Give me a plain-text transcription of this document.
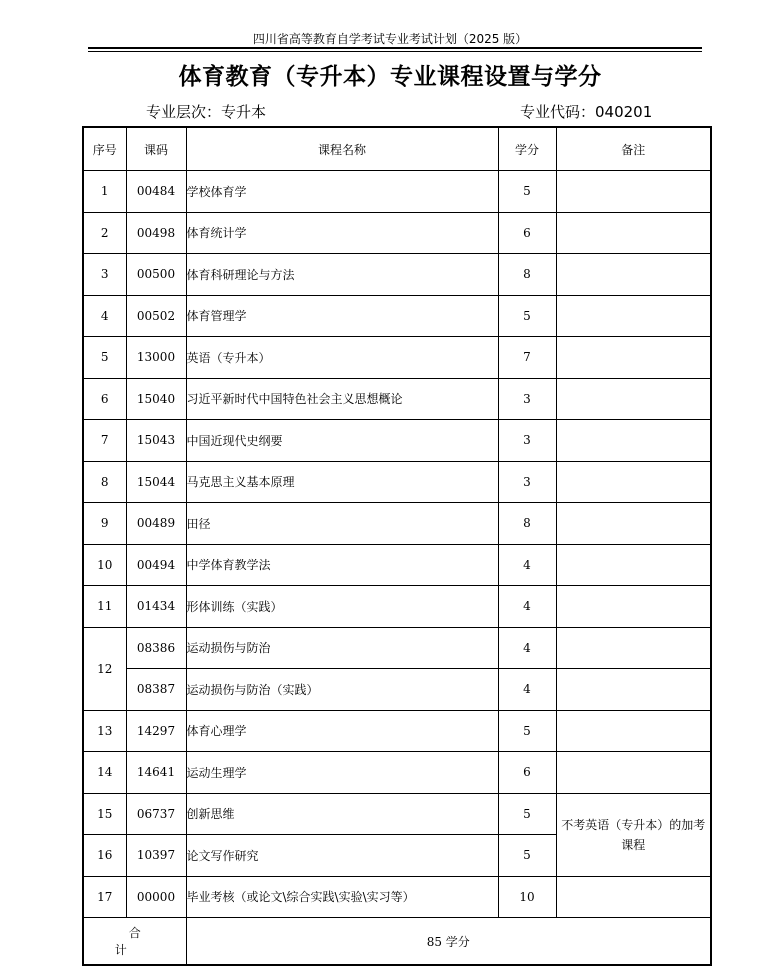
四川省高等教育自学考试专业考试计划（2025 版）
体育教育（专升本）专业课程设置与学分
专业层次：专升本	专业代码：040201
序号	课码	课程名称	学分	备注
1	00484	学校体育学	5	
2	00498	体育统计学	6	
3	00500	体育科研理论与方法	8	
4	00502	体育管理学	5	
5	13000	英语（专升本）	7	
6	15040	习近平新时代中国特色社会主义思想概论	3	
7	15043	中国近现代史纲要	3	
8	15044	马克思主义基本原理	3	
9	00489	田径	8	
10	00494	中学体育教学法	4	
11	01434	形体训练（实践）	4	
12	08386	运动损伤与防治	4	
	08387	运动损伤与防治（实践）	4	
13	14297	体育心理学	5	
14	14641	运动生理学	6	
15	06737	创新思维	5	不考英语（专升本）的加考课程
16	10397	论文写作研究	5	
17	00000	毕业考核（或论文\综合实践\实验\实习等）	10	
合计		85 学分		
